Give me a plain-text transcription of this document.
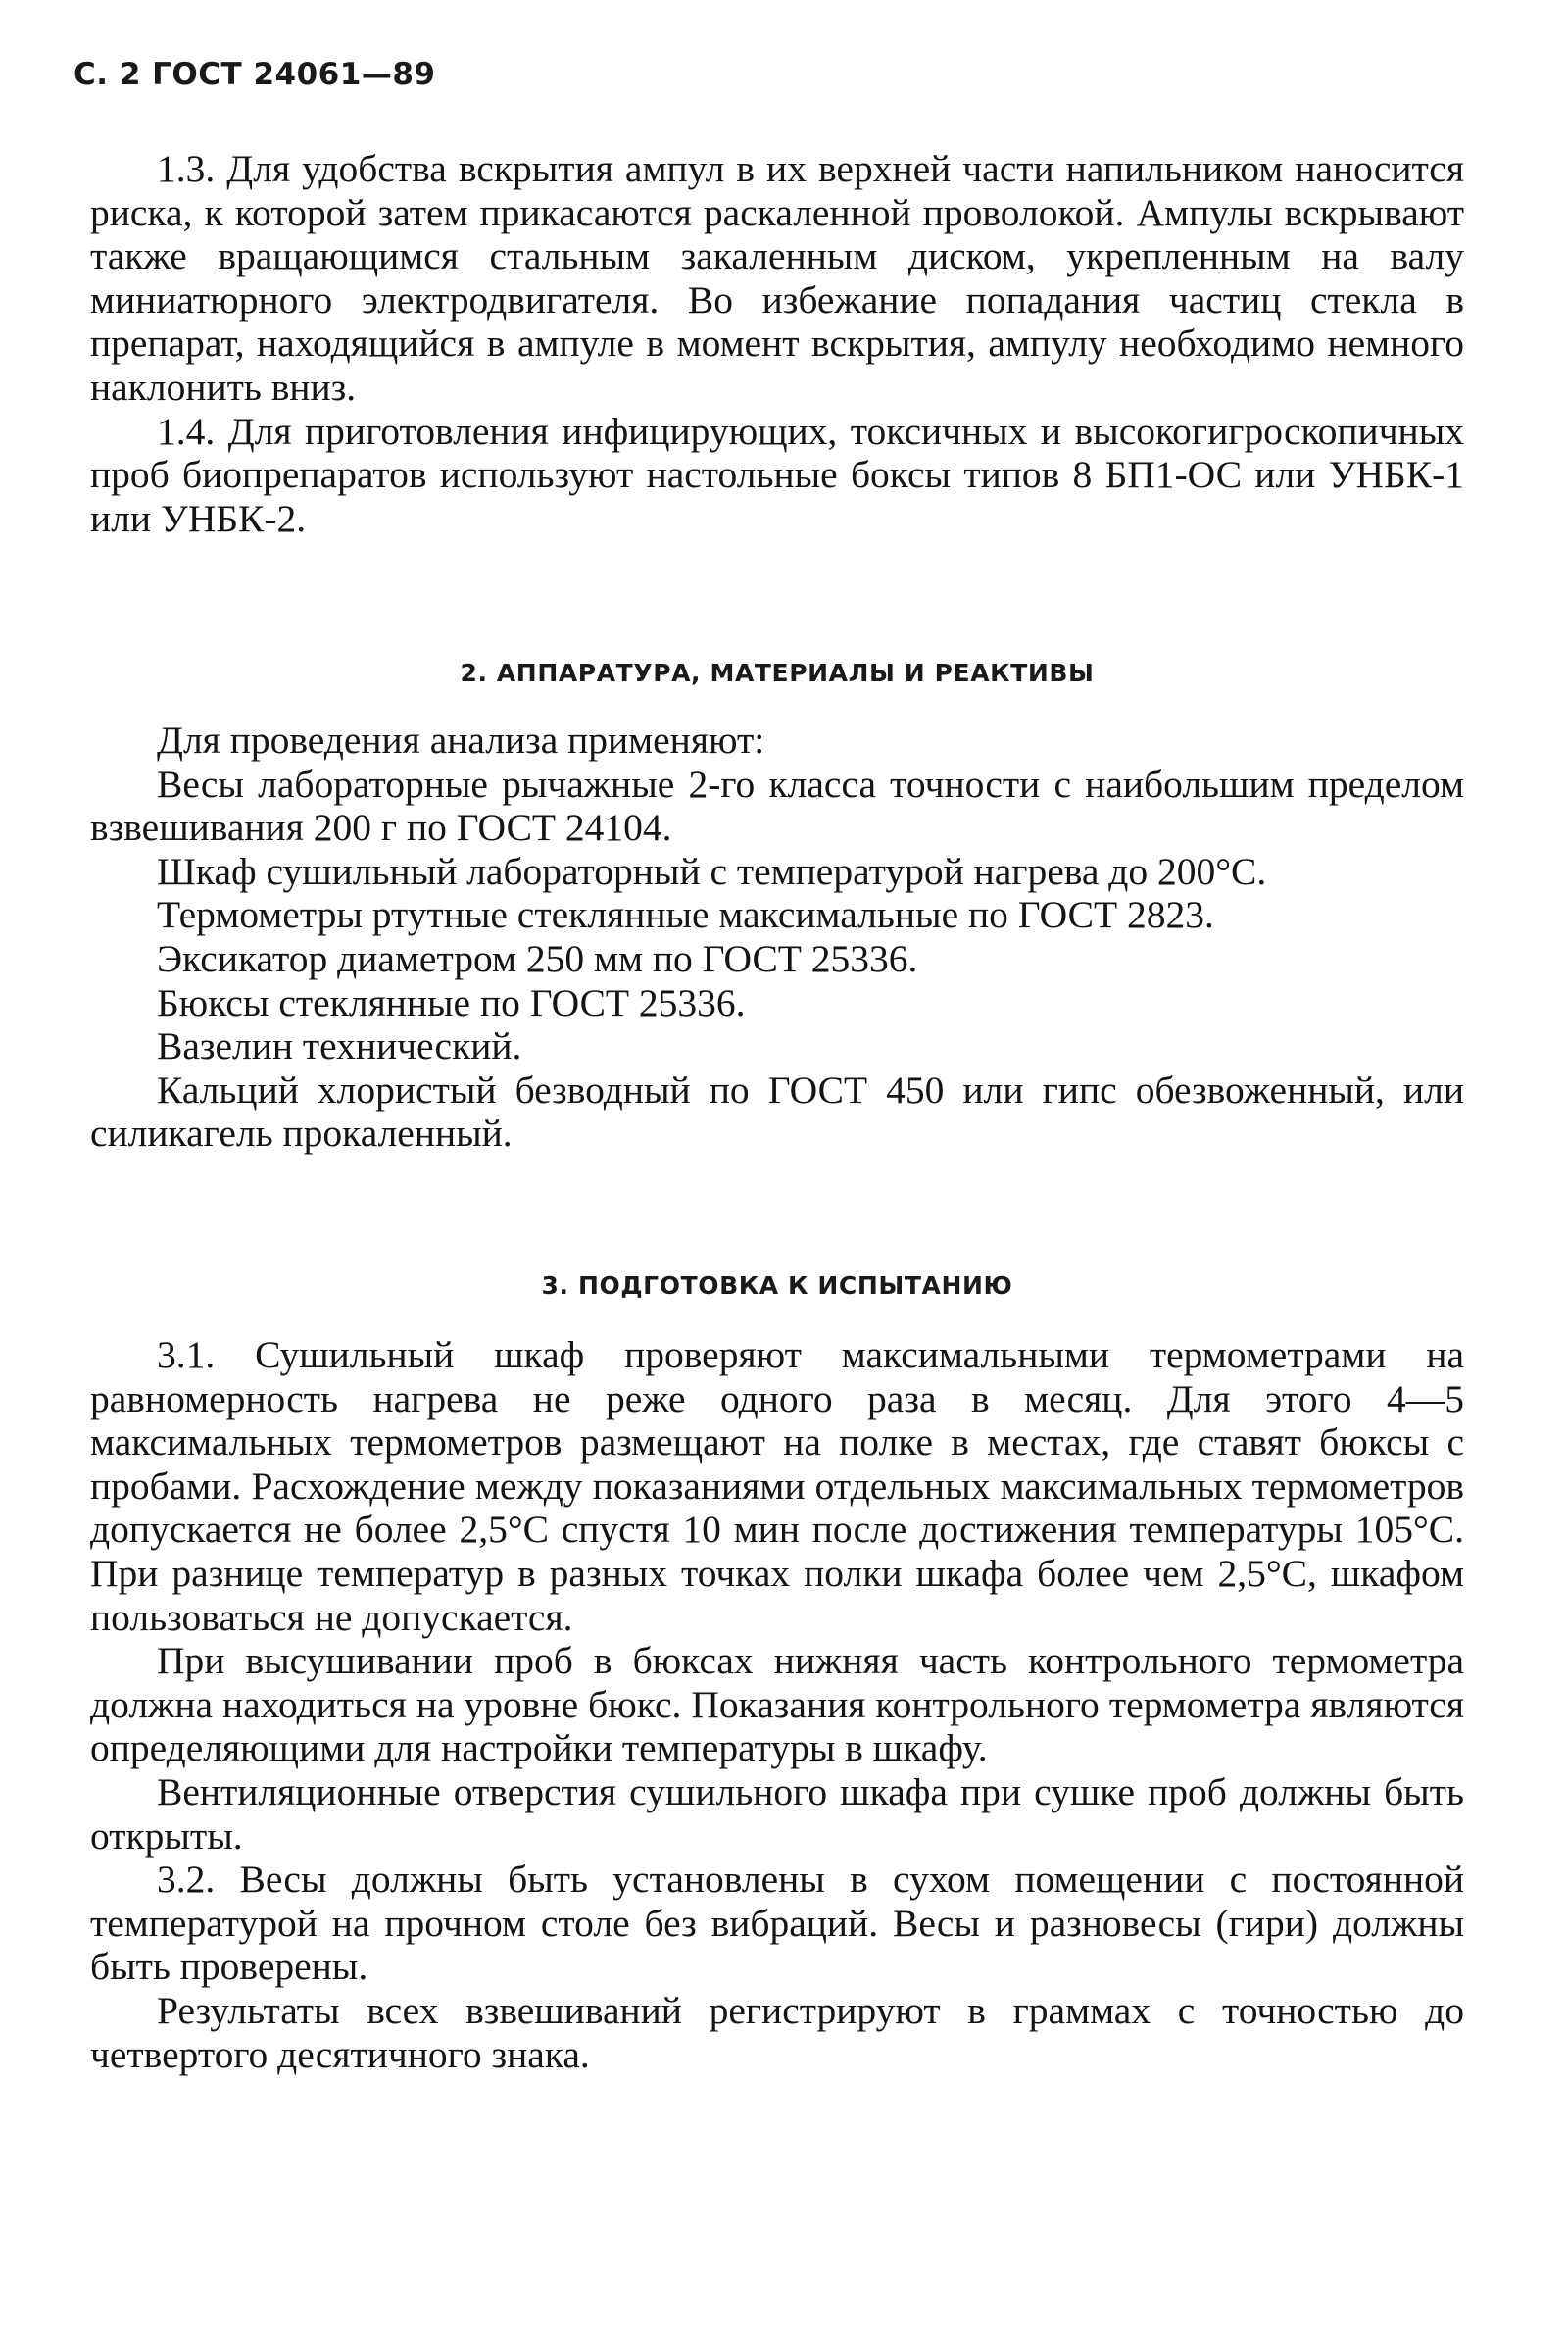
С. 2 ГОСТ 24061—89

1.3. Для удобства вскрытия ампул в их верхней части напильником наносится риска, к которой затем прикасаются раскаленной проволокой. Ампулы вскрывают также вращающимся стальным закаленным диском, укрепленным на валу миниатюрного электродвигателя. Во избежание попадания частиц стекла в препарат, находящийся в ампуле в момент вскрытия, ампулу необходимо немного наклонить вниз.

1.4. Для приготовления инфицирующих, токсичных и высокогигроскопичных проб биопрепаратов используют настольные боксы типов 8 БП1-ОС или УНБК-1 или УНБК-2.

2. АППАРАТУРА, МАТЕРИАЛЫ И РЕАКТИВЫ

Для проведения анализа применяют:

Весы лабораторные рычажные 2-го класса точности с наибольшим пределом взвешивания 200 г по ГОСТ 24104.

Шкаф сушильный лабораторный с температурой нагрева до 200°С.

Термометры ртутные стеклянные максимальные по ГОСТ 2823.

Эксикатор диаметром 250 мм по ГОСТ 25336.

Бюксы стеклянные по ГОСТ 25336.

Вазелин технический.

Кальций хлористый безводный по ГОСТ 450 или гипс обезвоженный, или силикагель прокаленный.

3. ПОДГОТОВКА К ИСПЫТАНИЮ

3.1. Сушильный шкаф проверяют максимальными термометрами на равномерность нагрева не реже одного раза в месяц. Для этого 4—5 максимальных термометров размещают на полке в местах, где ставят бюксы с пробами. Расхождение между показаниями отдельных максимальных термометров допускается не более 2,5°С спустя 10 мин после достижения температуры 105°С. При разнице температур в разных точках полки шкафа более чем 2,5°С, шкафом пользоваться не допускается.

При высушивании проб в бюксах нижняя часть контрольного термометра должна находиться на уровне бюкс. Показания контрольного термометра являются определяющими для настройки температуры в шкафу.

Вентиляционные отверстия сушильного шкафа при сушке проб должны быть открыты.

3.2. Весы должны быть установлены в сухом помещении с постоянной температурой на прочном столе без вибраций. Весы и разновесы (гири) должны быть проверены.

Результаты всех взвешиваний регистрируют в граммах с точностью до четвертого десятичного знака.
